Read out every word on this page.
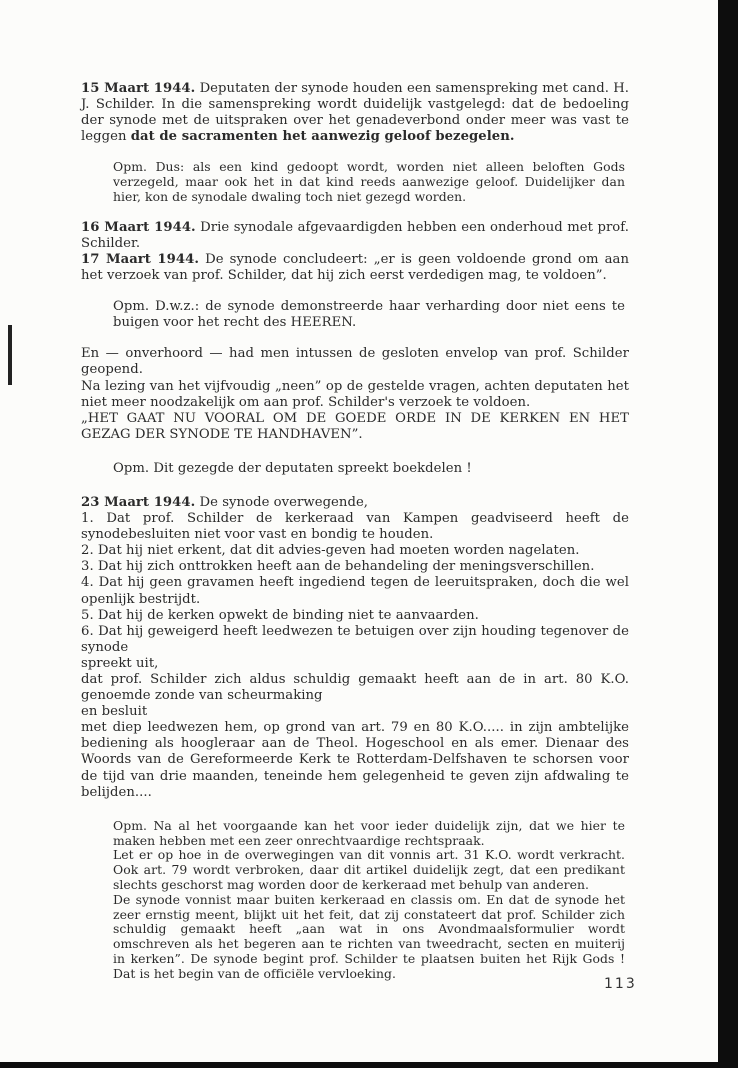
15 Maart 1944. Deputaten der synode houden een samenspreking met cand. H. J. Schilder. In die samenspreking wordt duidelijk vastgelegd: dat de bedoeling der synode met de uitspraken over het genadeverbond onder meer was vast te leggen dat de sacramenten het aanwezig geloof bezegelen.

Opm. Dus: als een kind gedoopt wordt, worden niet alleen beloften Gods verzegeld, maar ook het in dat kind reeds aanwezige geloof. Duidelijker dan hier, kon de synodale dwaling toch niet gezegd worden.

16 Maart 1944. Drie synodale afgevaardigden hebben een onderhoud met prof. Schilder.

17 Maart 1944. De synode concludeert: „er is geen voldoende grond om aan het verzoek van prof. Schilder, dat hij zich eerst verdedigen mag, te voldoen”.

Opm. D.w.z.: de synode demonstreerde haar verharding door niet eens te buigen voor het recht des HEEREN.

En — onverhoord — had men intussen de gesloten envelop van prof. Schilder geopend.

Na lezing van het vijfvoudig „neen” op de gestelde vragen, achten deputaten het niet meer noodzakelijk om aan prof. Schilder's verzoek te voldoen.

„HET GAAT NU VOORAL OM DE GOEDE ORDE IN DE KERKEN EN HET GEZAG DER SYNODE TE HANDHAVEN”.

Opm. Dit gezegde der deputaten spreekt boekdelen !

23 Maart 1944. De synode overwegende,

1. Dat prof. Schilder de kerkeraad van Kampen geadviseerd heeft de synodebesluiten niet voor vast en bondig te houden.

2. Dat hij niet erkent, dat dit advies-geven had moeten worden nagelaten.

3. Dat hij zich onttrokken heeft aan de behandeling der meningsverschillen.

4. Dat hij geen gravamen heeft ingediend tegen de leeruitspraken, doch die wel openlijk bestrijdt.

5. Dat hij de kerken opwekt de binding niet te aanvaarden.

6. Dat hij geweigerd heeft leedwezen te betuigen over zijn houding tegenover de synode

spreekt uit,

dat prof. Schilder zich aldus schuldig gemaakt heeft aan de in art. 80 K.O. genoemde zonde van scheurmaking

en besluit

met diep leedwezen hem, op grond van art. 79 en 80 K.O..... in zijn ambtelijke bediening als hoogleraar aan de Theol. Hogeschool en als emer. Dienaar des Woords van de Gereformeerde Kerk te Rotterdam-Delfshaven te schorsen voor de tijd van drie maanden, teneinde hem gelegenheid te geven zijn afdwaling te belijden....

Opm. Na al het voorgaande kan het voor ieder duidelijk zijn, dat we hier te maken hebben met een zeer onrechtvaardige rechtspraak.

Let er op hoe in de overwegingen van dit vonnis art. 31 K.O. wordt verkracht. Ook art. 79 wordt verbroken, daar dit artikel duidelijk zegt, dat een predikant slechts geschorst mag worden door de kerkeraad met behulp van anderen.

De synode vonnist maar buiten kerkeraad en classis om. En dat de synode het zeer ernstig meent, blijkt uit het feit, dat zij constateert dat prof. Schilder zich schuldig gemaakt heeft „aan wat in ons Avondmaalsformulier wordt omschreven als het begeren aan te richten van tweedracht, secten en muiterij in kerken”. De synode begint prof. Schilder te plaatsen buiten het Rijk Gods ! Dat is het begin van de officiële vervloeking.

113
